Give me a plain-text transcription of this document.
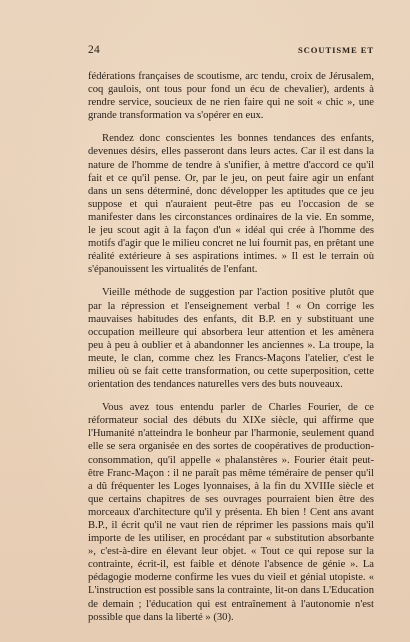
24	SCOUTISME ET

fédérations françaises de scoutisme, arc tendu, croix de Jérusalem, coq gaulois, ont tous pour fond un écu de chevalier), ardents à rendre service, soucieux de ne rien faire qui ne soit « chic », une grande transformation va s'opérer en eux.

Rendez donc conscientes les bonnes tendances des enfants, devenues désirs, elles passeront dans leurs actes. Car il est dans la nature de l'homme de tendre à s'unifier, à mettre d'accord ce qu'il fait et ce qu'il pense. Or, par le jeu, on peut faire agir un enfant dans un sens déterminé, donc développer les aptitudes que ce jeu suppose et qui n'auraient peut-être pas eu l'occasion de se manifester dans les circonstances ordinaires de la vie. En somme, le jeu scout agit à la façon d'un « idéal qui crée à l'homme des motifs d'agir que le milieu concret ne lui fournit pas, en prêtant une réalité extérieure à ses aspirations intimes. » Il est le terrain où s'épanouissent les virtualités de l'enfant.

Vieille méthode de suggestion par l'action positive plutôt que par la répression et l'enseignement verbal ! « On corrige les mauvaises habitudes des enfants, dit B.P. en y substituant une occupation meilleure qui absorbera leur attention et les amènera peu à peu à oublier et à abandonner les anciennes ». La troupe, la meute, le clan, comme chez les Francs-Maçons l'atelier, c'est le milieu où se fait cette transformation, ou cette superposition, cette orientation des tendances naturelles vers des buts nouveaux.

Vous avez tous entendu parler de Charles Fourier, de ce réformateur social des débuts du XIXe siècle, qui affirme que l'Humanité n'atteindra le bonheur par l'harmonie, seulement quand elle se sera organisée en des sortes de coopératives de production-consommation, qu'il appelle « phalanstères ». Fourier était peut-être Franc-Maçon : il ne paraît pas même téméraire de penser qu'il a dû fréquenter les Loges lyonnaises, à la fin du XVIIIe siècle et que certains chapitres de ses ouvrages pourraient bien être des morceaux d'architecture qu'il y présenta. Eh bien ! Cent ans avant B.P., il écrit qu'il ne vaut rien de réprimer les passions mais qu'il importe de les utiliser, en procédant par « substitution absorbante », c'est-à-dire en élevant leur objet. « Tout ce qui repose sur la contrainte, écrit-il, est faible et dénote l'absence de génie ». La pédagogie moderne confirme les vues du vieil et génial utopiste. « L'instruction est possible sans la contrainte, lit-on dans L'Education de demain ; l'éducation qui est entraînement à l'autonomie n'est possible que dans la liberté » (30).
